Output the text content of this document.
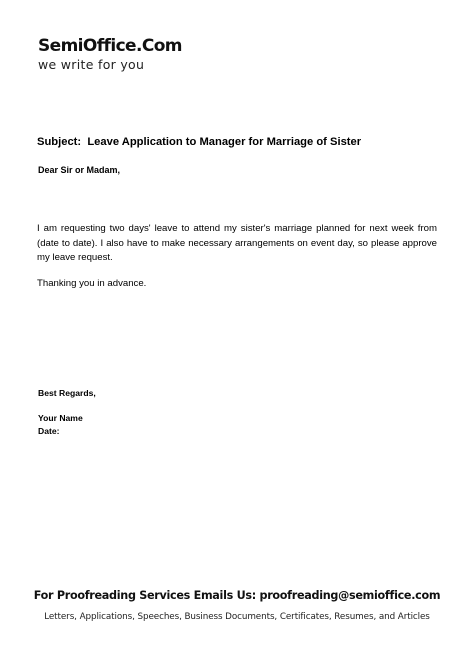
SemiOffice.Com
we write for you
Subject:  Leave Application to Manager for Marriage of Sister
Dear Sir or Madam,
I am requesting two days' leave to attend my sister's marriage planned for next week from (date to date). I also have to make necessary arrangements on event day, so please approve my leave request.
Thanking you in advance.
Best Regards,
Your Name
Date:
For Proofreading Services Emails Us: proofreading@semioffice.com
Letters, Applications, Speeches, Business Documents, Certificates, Resumes, and Articles
